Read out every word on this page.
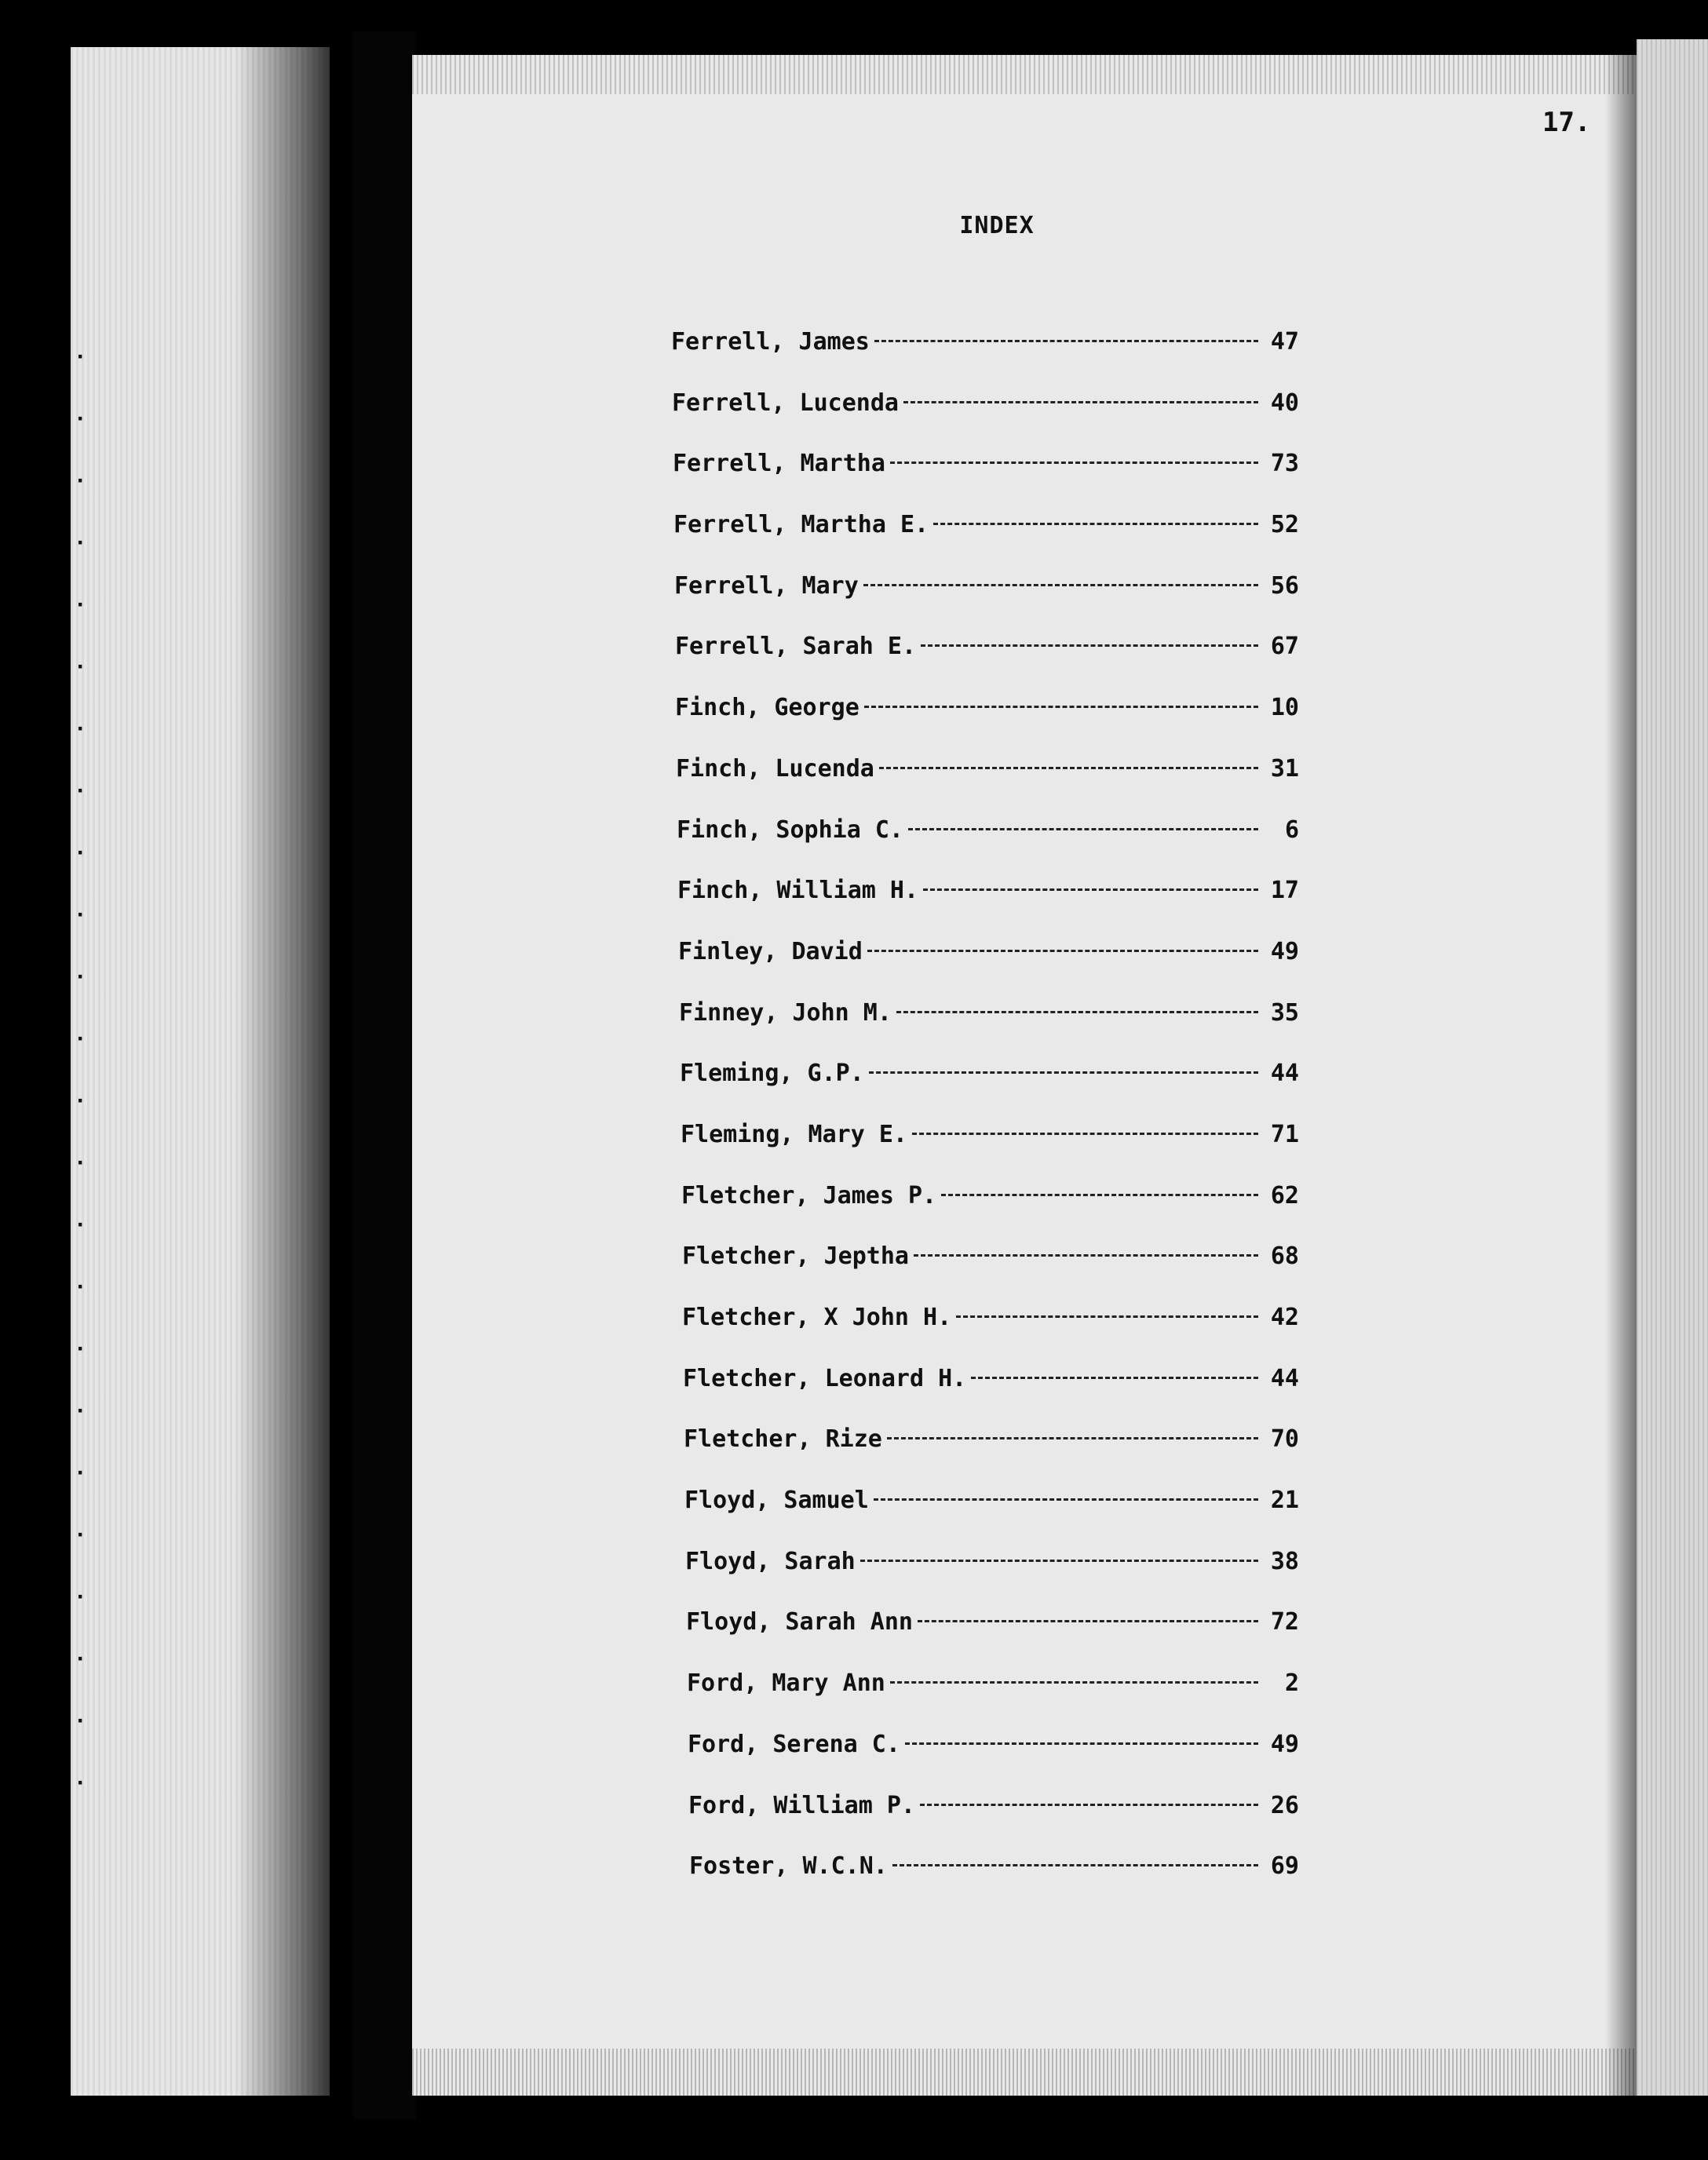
·
·
·
·
·
·
·
·
·
·
·
·
·
·
·
·
·
·
·
·
·
·
·
·
17.
INDEX
Ferrell, James	47
Ferrell, Lucenda	40
Ferrell, Martha	73
Ferrell, Martha E.	52
Ferrell, Mary	56
Ferrell, Sarah E.	67
Finch, George	10
Finch, Lucenda	31
Finch, Sophia C.	6
Finch, William H.	17
Finley, David	49
Finney, John M.	35
Fleming, G.P.	44
Fleming, Mary E.	71
Fletcher, James P.	62
Fletcher, Jeptha	68
Fletcher, X John H.	42
Fletcher, Leonard H.	44
Fletcher, Rize	70
Floyd, Samuel	21
Floyd, Sarah	38
Floyd, Sarah Ann	72
Ford, Mary Ann	2
Ford, Serena C.	49
Ford, William P.	26
Foster, W.C.N.	69
